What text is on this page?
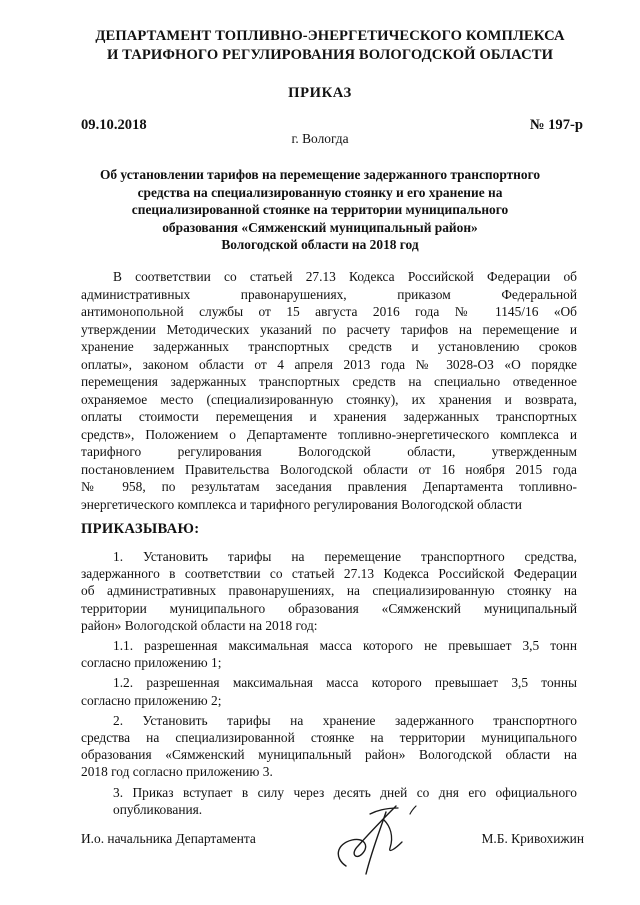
ДЕПАРТАМЕНТ ТОПЛИВНО-ЭНЕРГЕТИЧЕСКОГО КОМПЛЕКСА
И ТАРИФНОГО РЕГУЛИРОВАНИЯ ВОЛОГОДСКОЙ ОБЛАСТИ
ПРИКАЗ
09.10.2018	№ 197-р
г. Вологда
Об установлении тарифов на перемещение задержанного транспортного
средства на специализированную стоянку и его хранение на
специализированной стоянке на территории муниципального
образования «Сямженский муниципальный район»
Вологодской области на 2018 год
В соответствии со статьей 27.13 Кодекса Российской Федерации об
административных правонарушениях, приказом Федеральной
антимонопольной службы от 15 августа 2016 года № 1145/16 «Об
утверждении Методических указаний по расчету тарифов на перемещение и
хранение задержанных транспортных средств и установлению сроков
оплаты», законом области от 4 апреля 2013 года № 3028-ОЗ «О порядке
перемещения задержанных транспортных средств на специально отведенное
охраняемое место (специализированную стоянку), их хранения и возврата,
оплаты стоимости перемещения и хранения задержанных транспортных
средств», Положением о Департаменте топливно-энергетического комплекса и
тарифного регулирования Вологодской области, утвержденным
постановлением Правительства Вологодской области от 16 ноября 2015 года
№ 958, по результатам заседания правления Департамента топливно-
энергетического комплекса и тарифного регулирования Вологодской области
ПРИКАЗЫВАЮ:
1. Установить тарифы на перемещение транспортного средства,
задержанного в соответствии со статьей 27.13 Кодекса Российской Федерации
об административных правонарушениях, на специализированную стоянку на
территории муниципального образования «Сямженский муниципальный
район» Вологодской области на 2018 год:
1.1. разрешенная максимальная масса которого не превышает 3,5 тонн
согласно приложению 1;
1.2. разрешенная максимальная масса которого превышает 3,5 тонны
согласно приложению 2;
2. Установить тарифы на хранение задержанного транспортного
средства на специализированной стоянке на территории муниципального
образования «Сямженский муниципальный район» Вологодской области на
2018 год согласно приложению 3.
3. Приказ вступает в силу через десять дней со дня его официального
опубликования.
И.о. начальника Департамента	М.Б. Кривохижин
